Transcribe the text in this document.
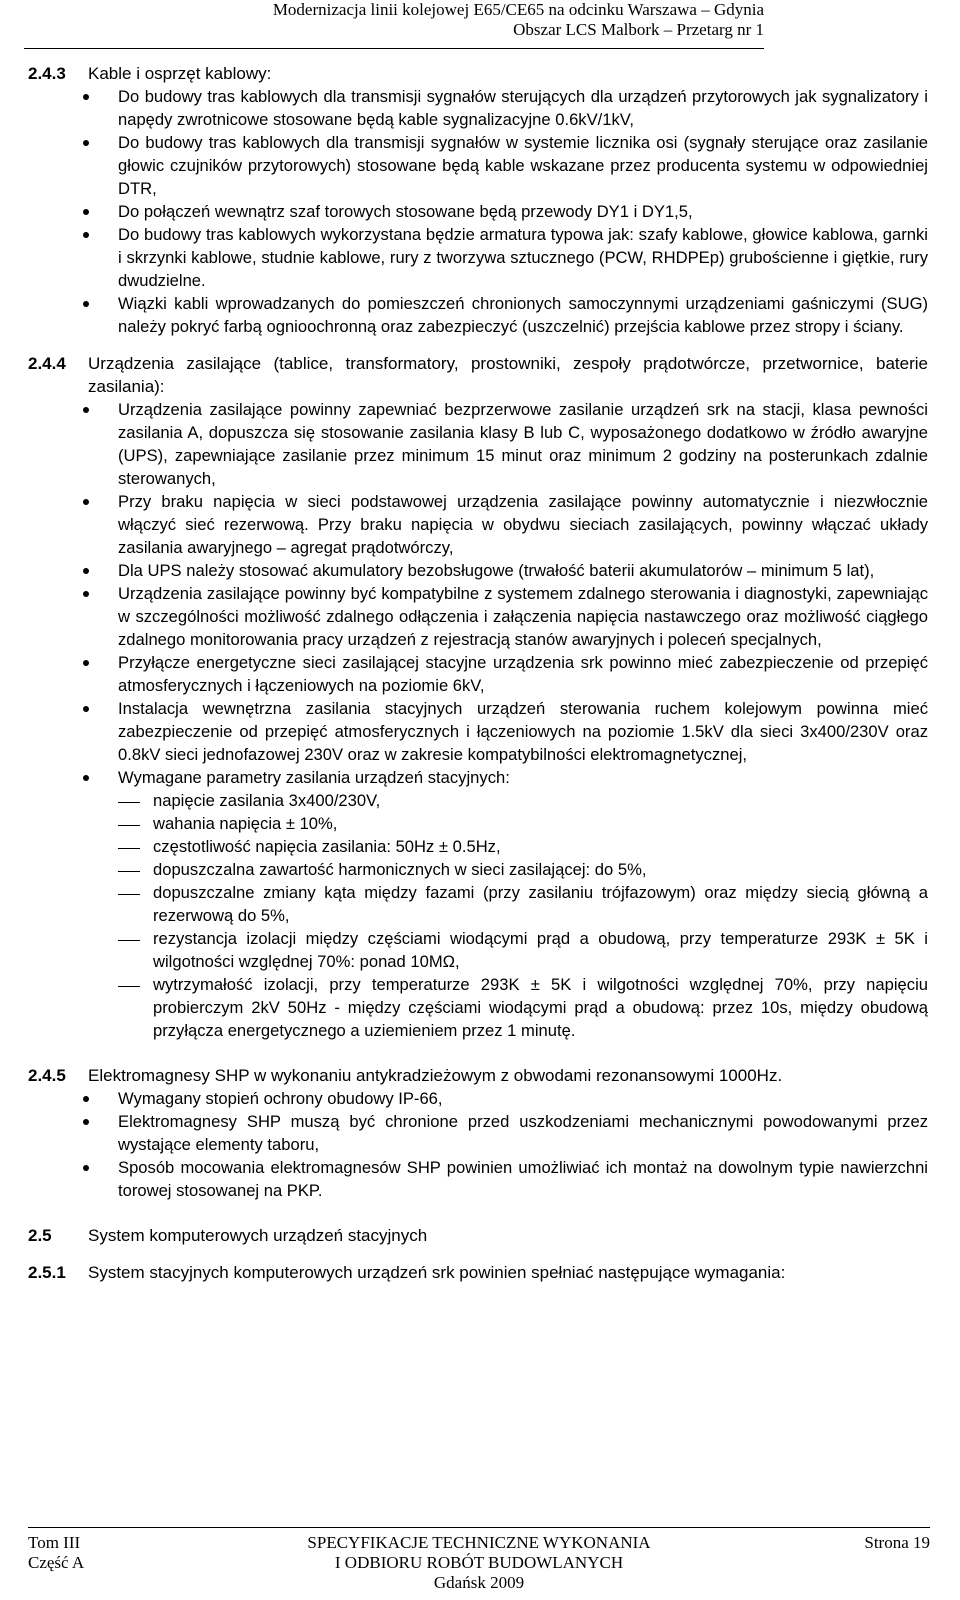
Modernizacja linii kolejowej E65/CE65 na odcinku Warszawa – Gdynia
Obszar LCS Malbork – Przetarg nr 1
2.4.3	Kable i osprzęt kablowy:
Do budowy tras kablowych dla transmisji sygnałów sterujących dla urządzeń przytorowych jak sygnalizatory i napędy zwrotnicowe stosowane będą kable sygnalizacyjne 0.6kV/1kV,
Do budowy tras kablowych dla transmisji sygnałów w systemie licznika osi (sygnały sterujące oraz zasilanie głowic czujników przytorowych) stosowane będą kable wskazane przez producenta systemu w odpowiedniej DTR,
Do połączeń wewnątrz szaf torowych stosowane będą przewody DY1 i DY1,5,
Do budowy tras kablowych wykorzystana będzie armatura typowa jak: szafy kablowe, głowice kablowa, garnki i skrzynki kablowe, studnie kablowe, rury z tworzywa sztucznego (PCW, RHDPEp) grubościenne i giętkie, rury dwudzielne.
Wiązki kabli wprowadzanych do pomieszczeń chronionych samoczynnymi urządzeniami gaśniczymi (SUG) należy pokryć farbą ognioochronną oraz zabezpieczyć (uszczelnić) przejścia kablowe przez stropy i ściany.
2.4.4	Urządzenia zasilające (tablice, transformatory, prostowniki, zespoły prądotwórcze, przetwornice, baterie zasilania):
Urządzenia zasilające powinny zapewniać bezprzerwowe zasilanie urządzeń srk na stacji, klasa pewności zasilania A, dopuszcza się stosowanie zasilania klasy B lub C, wyposażonego dodatkowo w źródło awaryjne (UPS), zapewniające zasilanie przez minimum 15 minut oraz minimum 2 godziny na posterunkach zdalnie sterowanych,
Przy braku napięcia w sieci podstawowej urządzenia zasilające powinny automatycznie i niezwłocznie włączyć sieć rezerwową. Przy braku napięcia w obydwu sieciach zasilających, powinny włączać układy zasilania awaryjnego – agregat prądotwórczy,
Dla UPS należy stosować akumulatory bezobsługowe (trwałość baterii akumulatorów – minimum 5 lat),
Urządzenia zasilające powinny być kompatybilne z systemem zdalnego sterowania i diagnostyki, zapewniając w szczególności możliwość zdalnego odłączenia i załączenia napięcia nastawczego oraz możliwość ciągłego zdalnego monitorowania pracy urządzeń z rejestracją stanów awaryjnych i poleceń specjalnych,
Przyłącze energetyczne sieci zasilającej stacyjne urządzenia srk powinno mieć zabezpieczenie od przepięć atmosferycznych i łączeniowych na poziomie 6kV,
Instalacja wewnętrzna zasilania stacyjnych urządzeń sterowania ruchem kolejowym powinna mieć zabezpieczenie od przepięć atmosferycznych i łączeniowych na poziomie 1.5kV dla sieci 3x400/230V oraz 0.8kV sieci jednofazowej 230V oraz w zakresie kompatybilności elektromagnetycznej,
Wymagane parametry zasilania urządzeń stacyjnych:
napięcie zasilania 3x400/230V,
wahania napięcia ± 10%,
częstotliwość napięcia zasilania: 50Hz ± 0.5Hz,
dopuszczalna zawartość harmonicznych w sieci zasilającej: do 5%,
dopuszczalne zmiany kąta między fazami (przy zasilaniu trójfazowym) oraz między siecią główną a rezerwową do 5%,
rezystancja izolacji między częściami wiodącymi prąd a obudową, przy temperaturze 293K ± 5K i wilgotności względnej 70%: ponad 10MΩ,
wytrzymałość izolacji, przy temperaturze 293K ± 5K i wilgotności względnej 70%, przy napięciu probierczym 2kV 50Hz - między częściami wiodącymi prąd a obudową: przez 10s, między obudową przyłącza energetycznego a uziemieniem przez 1 minutę.
2.4.5	Elektromagnesy SHP w wykonaniu antykradzieżowym z obwodami rezonansowymi 1000Hz.
Wymagany stopień ochrony obudowy IP-66,
Elektromagnesy SHP muszą być chronione przed uszkodzeniami mechanicznymi powodowanymi przez wystające elementy taboru,
Sposób mocowania elektromagnesów SHP powinien umożliwiać ich montaż na dowolnym typie nawierzchni torowej stosowanej na PKP.
2.5	System komputerowych urządzeń stacyjnych
2.5.1	System stacyjnych komputerowych urządzeń srk powinien spełniać następujące wymagania:
Tom III
Część A
SPECYFIKACJE TECHNICZNE WYKONANIA
I ODBIORU ROBÓT BUDOWLANYCH
Gdańsk 2009
Strona 19
